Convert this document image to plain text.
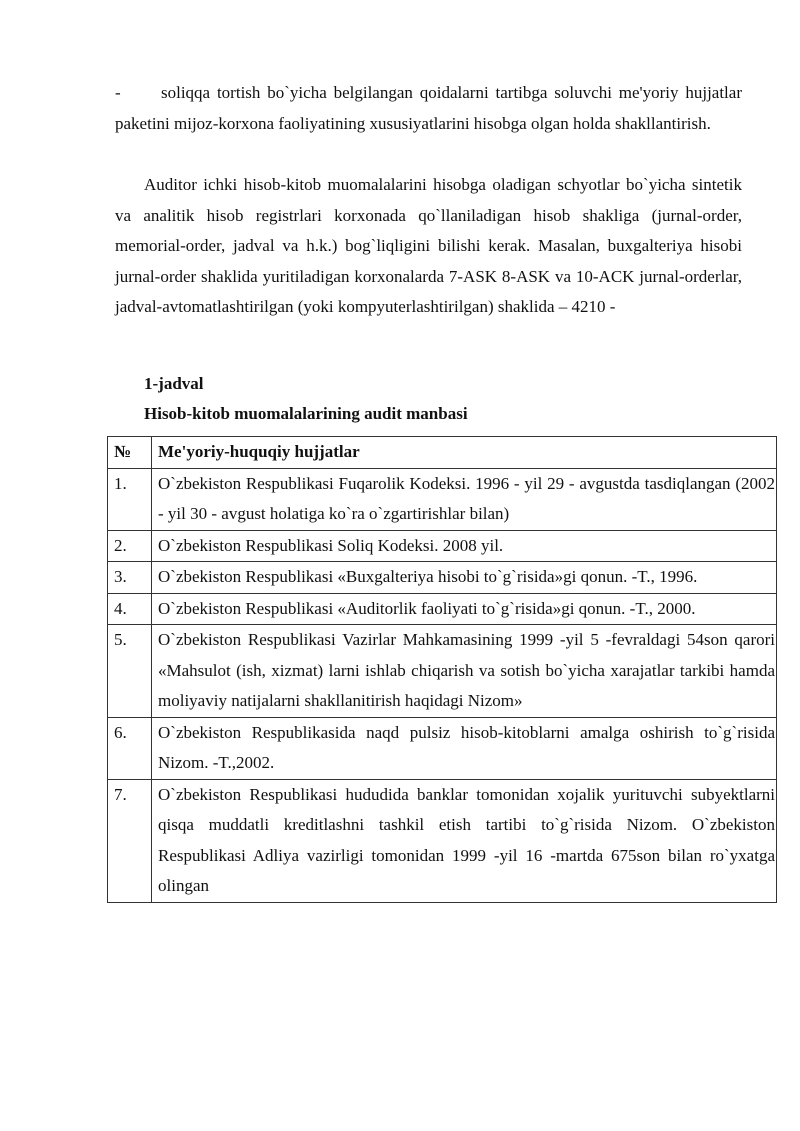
-	soliqqa tortish bo`yicha belgilangan qoidalarni tartibga soluvchi me'yoriy hujjatlar paketini mijoz-korxona faoliyatining xususiyatlarini hisobga olgan holda shakllantirish.

Auditor ichki hisob-kitob muomalalarini hisobga oladigan schyotlar bo`yicha sintetik va analitik hisob registrlari korxonada qo`llaniladigan hisob shakliga (jurnal-order, memorial-order, jadval va h.k.) bog`liqligini bilishi kerak. Masalan, buxgalteriya hisobi jurnal-order shaklida yuritiladigan korxonalarda 7-ASK 8-ASK va 10-ACK jurnal-orderlar, jadval-avtomatlashtirilgan (yoki kompyuterlashtirilgan) shaklida – 4210 -

1-jadval

Hisob-kitob muomalalarining audit manbasi

№	Me'yoriy-huquqiy hujjatlar
1.	O`zbekiston Respublikasi Fuqarolik Kodeksi. 1996 - yil 29 - avgustda tasdiqlangan (2002 - yil 30 - avgust holatiga ko`ra o`zgartirishlar bilan)
2.	O`zbekiston Respublikasi Soliq Kodeksi. 2008 yil.
3.	O`zbekiston Respublikasi «Buxgalteriya hisobi to`g`risida»gi qonun. -T., 1996.
4.	O`zbekiston Respublikasi «Auditorlik faoliyati to`g`risida»gi qonun. -T., 2000.
5.	O`zbekiston Respublikasi Vazirlar Mahkamasining 1999 -yil 5 -fevraldagi 54son qarori «Mahsulot (ish, xizmat) larni ishlab chiqarish va sotish bo`yicha xarajatlar tarkibi hamda moliyaviy natijalarni shakllanitirish haqidagi Nizom»
6.	O`zbekiston Respublikasida naqd pulsiz hisob-kitoblarni amalga oshirish to`g`risida Nizom. -T.,2002.
7.	O`zbekiston Respublikasi hududida banklar tomonidan xojalik yurituvchi subyektlarni qisqa muddatli kreditlashni tashkil etish tartibi to`g`risida Nizom. O`zbekiston Respublikasi Adliya vazirligi tomonidan 1999 -yil 16 -martda 675son bilan ro`yxatga olingan
